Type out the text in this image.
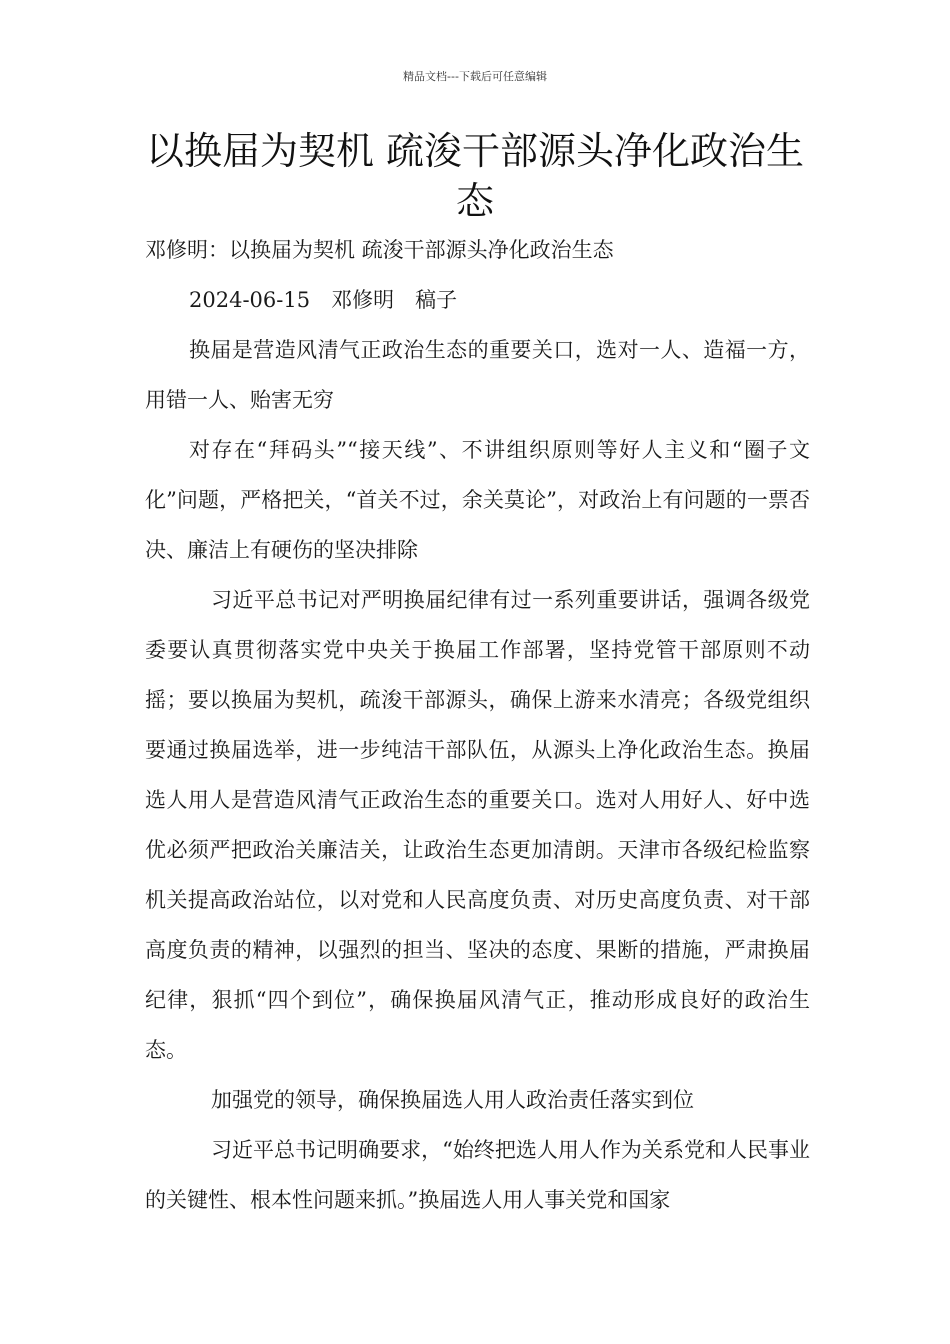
精品文档---下载后可任意编辑
以换届为契机 疏浚干部源头净化政治生态

邓修明：以换届为契机 疏浚干部源头净化政治生态

2024-06-15　邓修明　稿子

换届是营造风清气正政治生态的重要关口，选对一人、造福一方，用错一人、贻害无穷

对存在“拜码头”“接天线”、不讲组织原则等好人主义和“圈子文化”问题，严格把关，“首关不过，余关莫论”，对政治上有问题的一票否决、廉洁上有硬伤的坚决排除

习近平总书记对严明换届纪律有过一系列重要讲话，强调各级党委要认真贯彻落实党中央关于换届工作部署，坚持党管干部原则不动摇；要以换届为契机，疏浚干部源头，确保上游来水清亮；各级党组织要通过换届选举，进一步纯洁干部队伍，从源头上净化政治生态。换届选人用人是营造风清气正政治生态的重要关口。选对人用好人、好中选优必须严把政治关廉洁关，让政治生态更加清朗。天津市各级纪检监察机关提高政治站位，以对党和人民高度负责、对历史高度负责、对干部高度负责的精神，以强烈的担当、坚决的态度、果断的措施，严肃换届纪律，狠抓“四个到位”，确保换届风清气正，推动形成良好的政治生态。

加强党的领导，确保换届选人用人政治责任落实到位

习近平总书记明确要求，“始终把选人用人作为关系党和人民事业的关键性、根本性问题来抓。”换届选人用人事关党和国家
